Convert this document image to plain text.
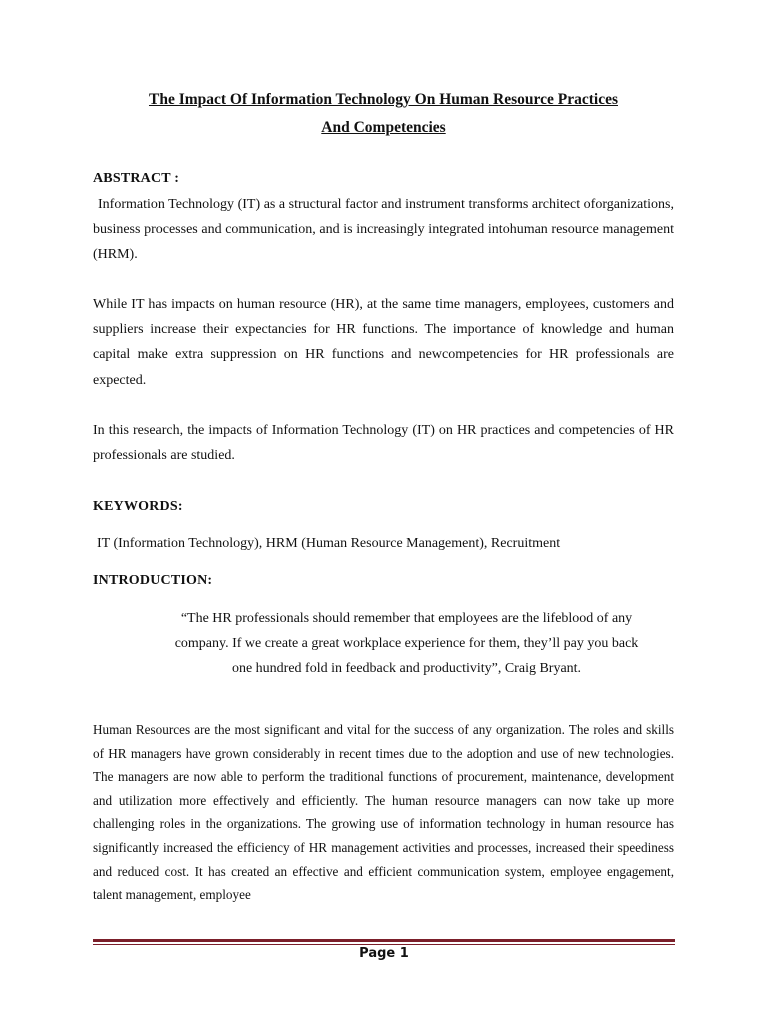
The Impact Of Information Technology On Human Resource Practices
And Competencies
ABSTRACT :

Information Technology (IT) as a structural factor and instrument transforms architect oforganizations, business processes and communication, and is increasingly integrated intohuman resource management (HRM).

While IT has impacts on human resource (HR), at the same time managers, employees, customers and suppliers increase their expectancies for HR functions. The importance of knowledge and human capital make extra suppression on HR functions and newcompetencies for HR professionals are expected.

In this research, the impacts of Information Technology (IT) on HR practices and competencies of HR professionals are studied.

KEYWORDS:
IT (Information Technology), HRM (Human Resource Management), Recruitment
INTRODUCTION:
“The HR professionals should remember that employees are the lifeblood of any
company. If we create a great workplace experience for them, they’ll pay you back
one hundred fold in feedback and productivity”, Craig Bryant.
Human Resources are the most significant and vital for the success of any organization. The roles and skills of HR managers have grown considerably in recent times due to the adoption and use of new technologies. The managers are now able to perform the traditional functions of procurement, maintenance, development and utilization more effectively and efficiently. The human resource managers can now take up more challenging roles in the organizations. The growing use of information technology in human resource has significantly increased the efficiency of HR management activities and processes, increased their speediness and reduced cost. It has created an effective and efficient communication system, employee engagement, talent management, employee
Page 1
